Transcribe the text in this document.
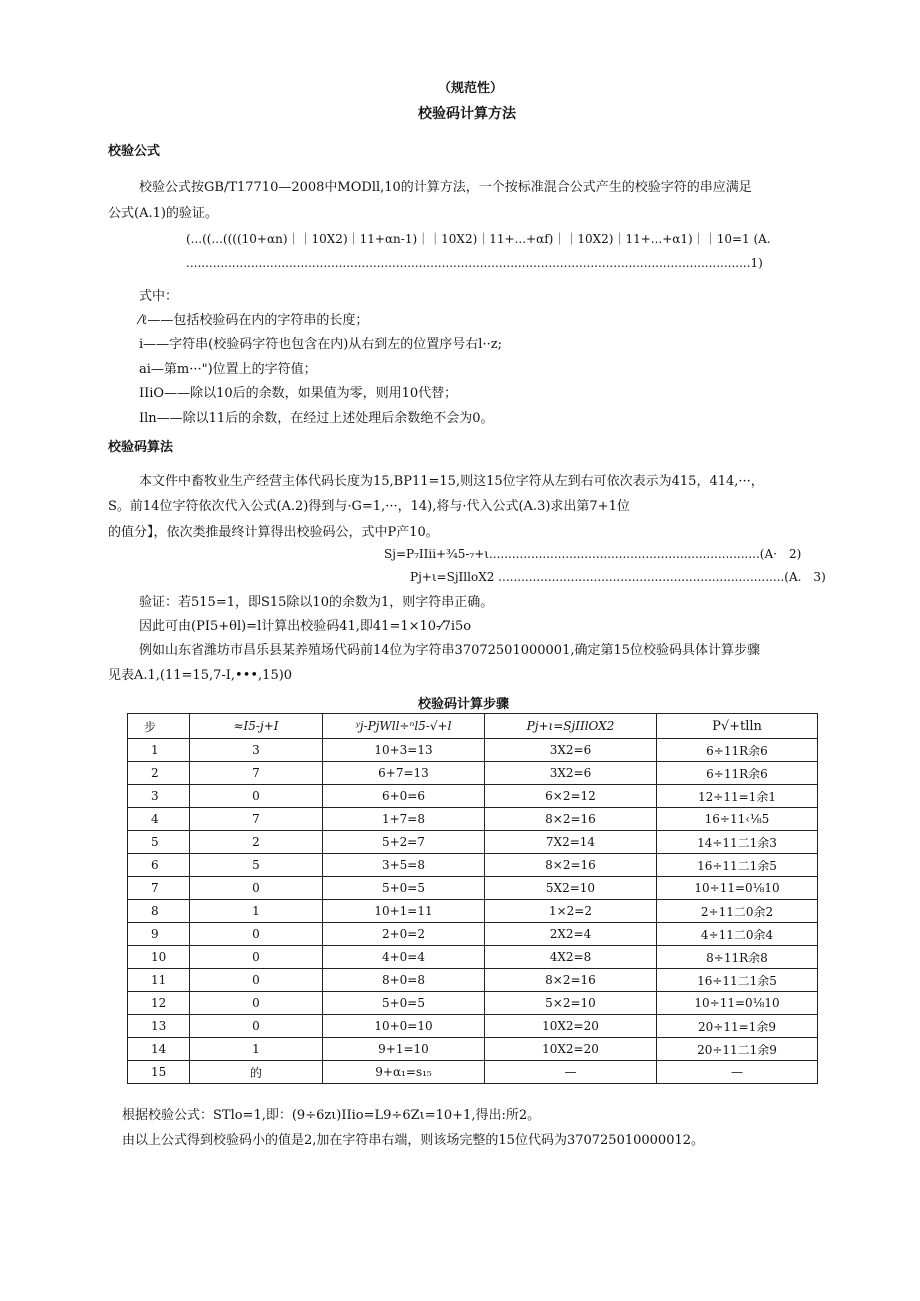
（规范性）
校验码计算方法
校验公式
校验公式按GB/T17710—2008中MODll,10的计算方法，一个按标准混合公式产生的校验字符的串应满足
公式(A.1)的验证。
(...((...((((10+αn)｜｜10X2)｜11+αn-1)｜｜10X2)｜11+...+αf)｜｜10X2)｜11+...+α1)｜｜10=1 (A.
....................................................................................................................................................1)
式中：
⁄ℓ——包括校验码在内的字符串的长度；
i——字符串(校验码字符也包含在内)从右到左的位置序号右l··z;
ai—第m···")位置上的字符值；
IIiO——除以10后的余数，如果值为零，则用10代替；
Iln——除以11后的余数，在经过上述处理后余数绝不会为0。
校验码算法
本文件中畜牧业生产经营主体代码长度为15,BP11=15,则这15位字符从左到右可依次表示为415，414,···，
S。前14位字符依次代入公式(A.2)得到与·G=1,···，14),将与·代入公式(A.3)求出第7+1位
的值分】，依次类推最终计算得出校验码公，式中P产10。
Sj=P₇IIii+¾5-₇+ι.......................................................................(A·　2)
Pj+ι=SjIlloX2 ...........................................................................(A.　3)
验证：若515=1，即S15除以10的余数为1，则字符串正确。
因此可由(PI5+θl)=l计算出校验码41,即41=1×10-⁄7i5o
例如山东省潍坊市昌乐县某养殖场代码前14位为字符串37072501000001,确定第15位校验码具体计算步骤
见表A.1,(11=15,7-I,•••,15)0
校验码计算步骤
步	≈I5-j+I	ʸj-PjWll÷ⁿl5-√+l	Pj+ι=SjIIlOX2	P√+tlln
1	3	10+3=13	3X2=6	6÷11R余6
2	7	6+7=13	3X2=6	6÷11R余6
3	0	6+0=6	6×2=12	12÷11=1余1
4	7	1+7=8	8×2=16	16÷11‹⅛5
5	2	5+2=7	7X2=14	14÷11二1余3
6	5	3+5=8	8×2=16	16÷11二1余5
7	0	5+0=5	5X2=10	10÷11=0⅛10
8	1	10+1=11	1×2=2	2÷11二0余2
9	0	2+0=2	2X2=4	4÷11二0余4
10	0	4+0=4	4X2=8	8÷11R余8
11	0	8+0=8	8×2=16	16÷11二1余5
12	0	5+0=5	5×2=10	10÷11=0⅛10
13	0	10+0=10	10X2=20	20÷11=1余9
14	1	9+1=10	10X2=20	20÷11二1余9
15	的	9+α₁=s₁₅	—	—
根据校验公式：STlo=1,即：(9÷6zι)IIio=L9÷6Zι=10+1,得出:所2。
由以上公式得到校验码小的值是2,加在字符串右端，则该场完整的15位代码为370725010000012。
